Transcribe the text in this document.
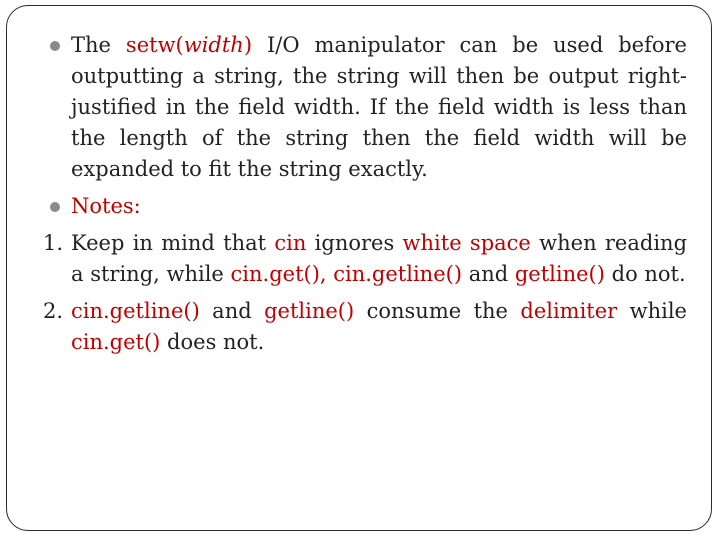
The setw(width) I/O manipulator can be used before outputting a string, the string will then be output right-justified in the field width. If the field width is less than the length of the string then the field width will be expanded to fit the string exactly.
Notes:
1. Keep in mind that cin ignores white space when reading a string, while cin.get(), cin.getline() and getline() do not.
2. cin.getline() and getline() consume the delimiter while cin.get() does not.
